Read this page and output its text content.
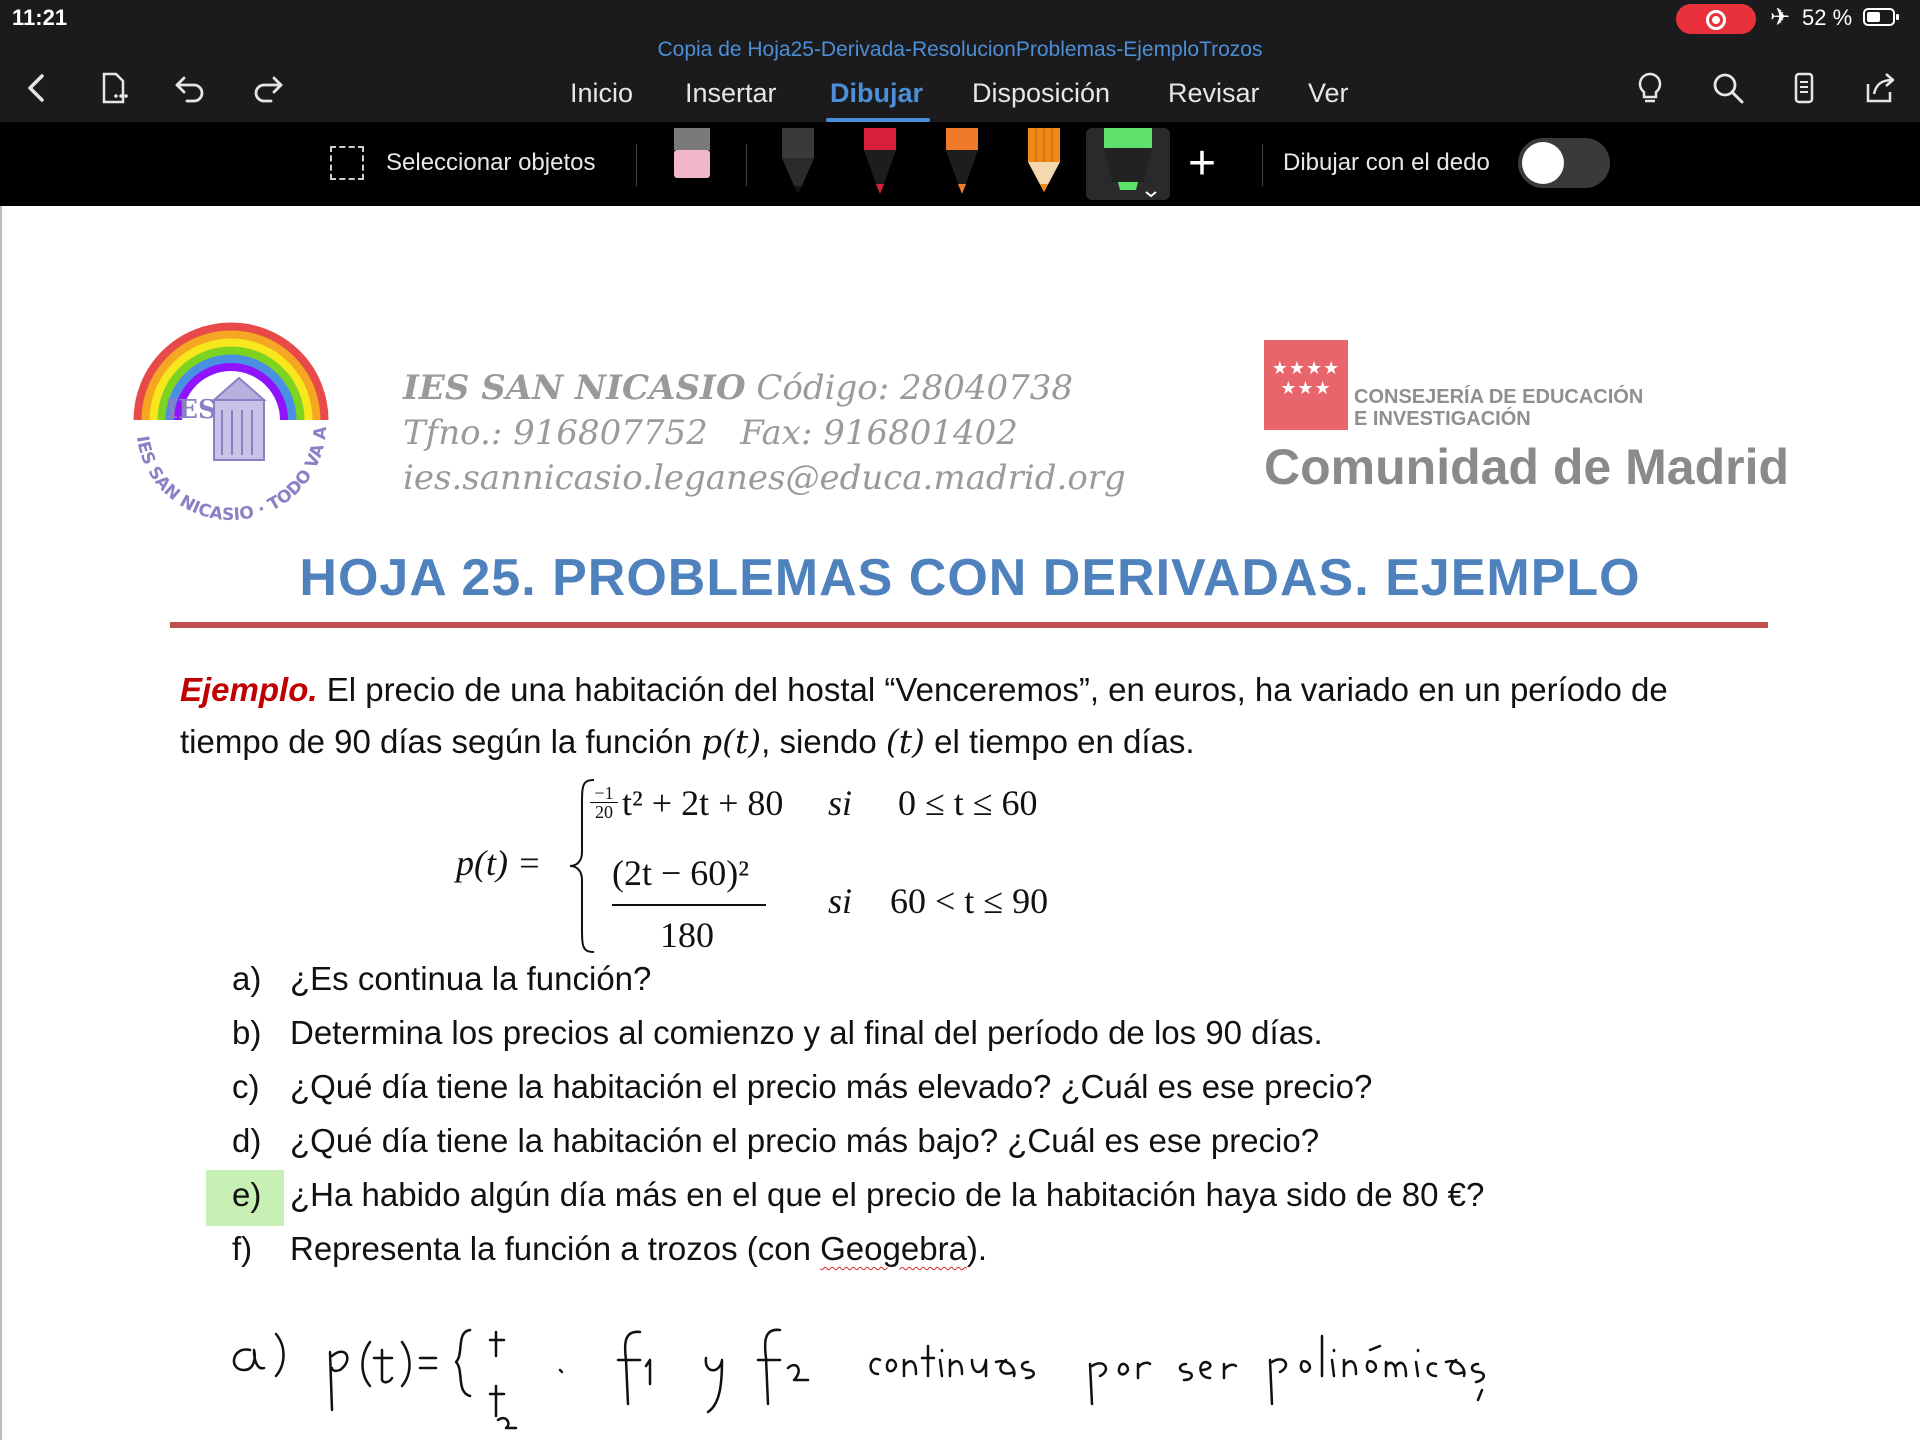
11:21	✈ 52 %
Copia de Hoja25-Derivada-ResolucionProblemas-EjemploTrozos
Inicio Insertar Dibujar Disposición Revisar Ver
Seleccionar objetos	+	Dibujar con el dedo
IES
IES SAN NICASIO · TODO VA A
IES SAN NICASIO Código: 28040738
Tfno.: 916807752 Fax: 916801402
ies.sannicasio.leganes@educa.madrid.org
★★★★
★★★	CONSEJERÍA DE EDUCACIÓN
E INVESTIGACIÓN
Comunidad de Madrid
HOJA 25. PROBLEMAS CON DERIVADAS. EJEMPLO
Ejemplo. El precio de una habitación del hostal “Venceremos”, en euros, ha variado en un período de
tiempo de 90 días según la función p(t), siendo (t) el tiempo en días.
p(t) =
−1
20 t² + 2t + 80 si 0 ≤ t ≤ 60
(2t − 60)²
180
si 60 < t ≤ 90
a) ¿Es continua la función?
b) Determina los precios al comienzo y al final del período de los 90 días.
c) ¿Qué día tiene la habitación el precio más elevado? ¿Cuál es ese precio?
d) ¿Qué día tiene la habitación el precio más bajo? ¿Cuál es ese precio?
e) ¿Ha habido algún día más en el que el precio de la habitación haya sido de 80 €?
f)	Representa la función a trozos (con Geogebra).
